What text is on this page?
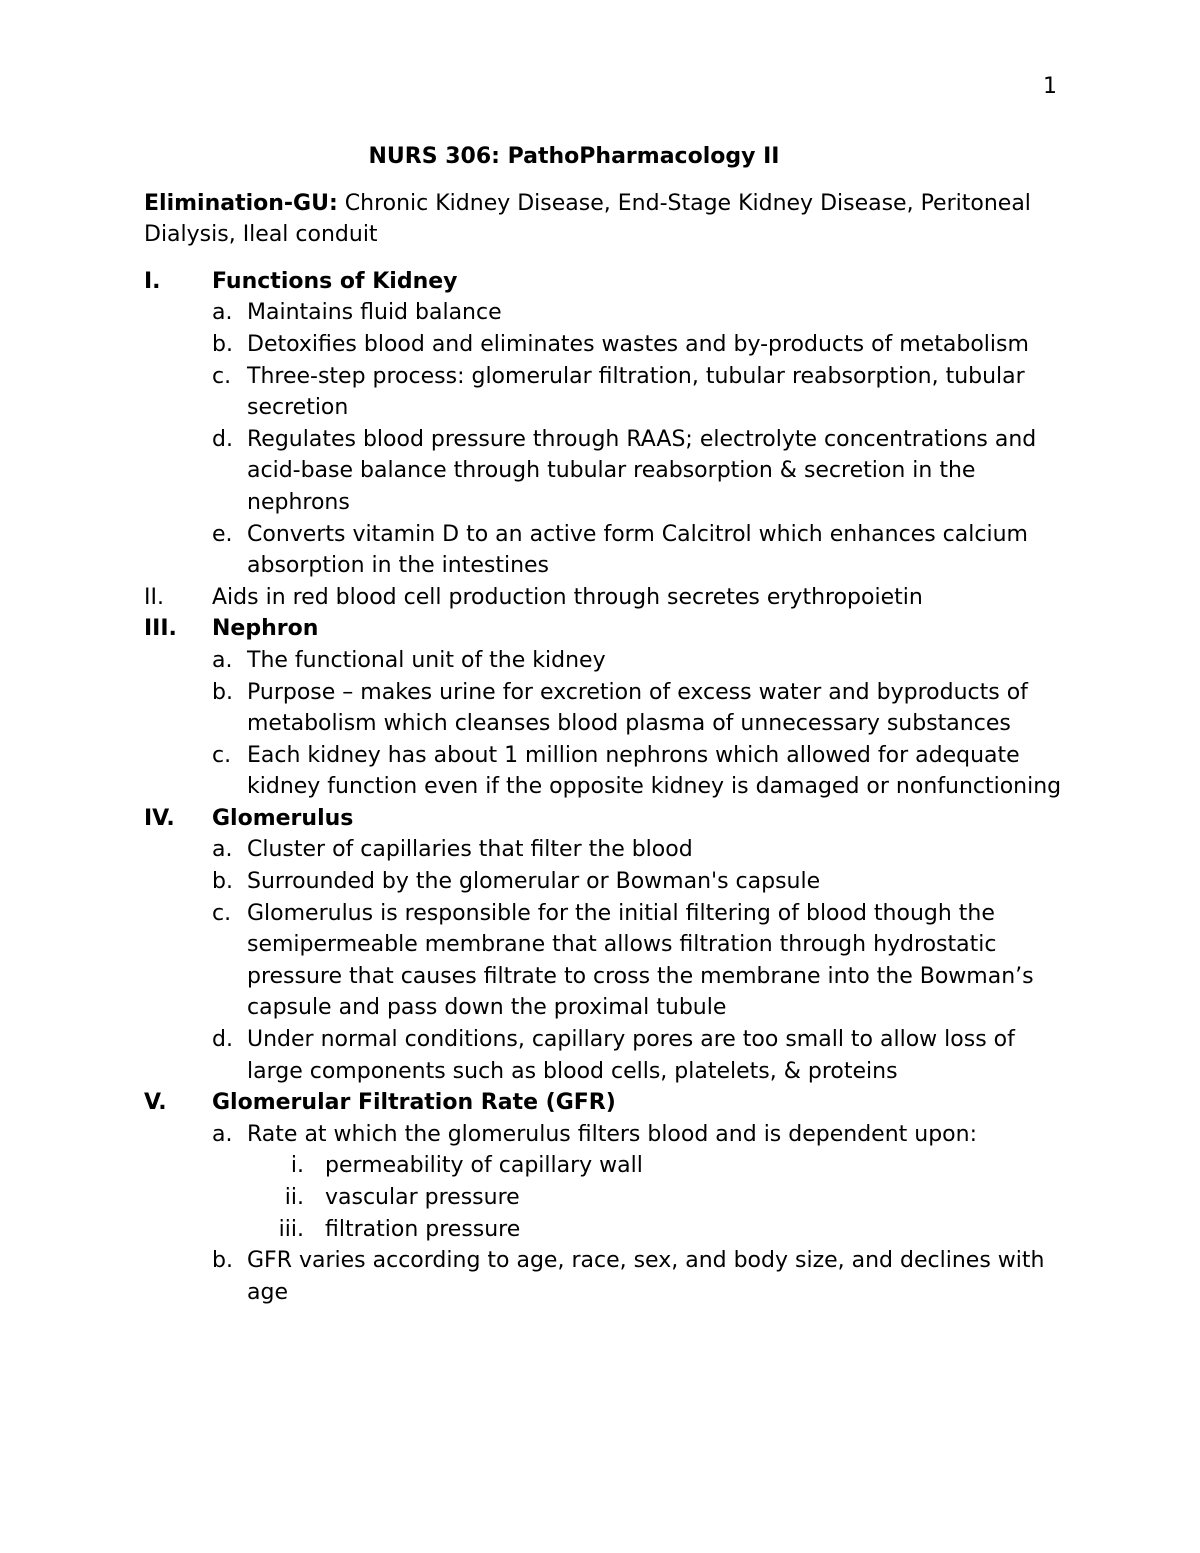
1
NURS 306: PathoPharmacology II
Elimination-GU: Chronic Kidney Disease, End-Stage Kidney Disease, Peritoneal Dialysis, Ileal conduit
I.	Functions of Kidney
a. Maintains fluid balance
b. Detoxifies blood and eliminates wastes and by-products of metabolism
c. Three-step process: glomerular filtration, tubular reabsorption, tubular secretion
d. Regulates blood pressure through RAAS; electrolyte concentrations and acid-base balance through tubular reabsorption & secretion in the nephrons
e. Converts vitamin D to an active form Calcitrol which enhances calcium absorption in the intestines
II.	Aids in red blood cell production through secretes erythropoietin
III.	Nephron
a. The functional unit of the kidney
b. Purpose – makes urine for excretion of excess water and byproducts of metabolism which cleanses blood plasma of unnecessary substances
c. Each kidney has about 1 million nephrons which allowed for adequate kidney function even if the opposite kidney is damaged or nonfunctioning
IV.	Glomerulus
a. Cluster of capillaries that filter the blood
b. Surrounded by the glomerular or Bowman's capsule
c. Glomerulus is responsible for the initial filtering of blood though the semipermeable membrane that allows filtration through hydrostatic pressure that causes filtrate to cross the membrane into the Bowman’s capsule and pass down the proximal tubule
d. Under normal conditions, capillary pores are too small to allow loss of large components such as blood cells, platelets, & proteins
V.	Glomerular Filtration Rate (GFR)
a. Rate at which the glomerulus filters blood and is dependent upon:
i. permeability of capillary wall
ii. vascular pressure
iii. filtration pressure
b. GFR varies according to age, race, sex, and body size, and declines with age
